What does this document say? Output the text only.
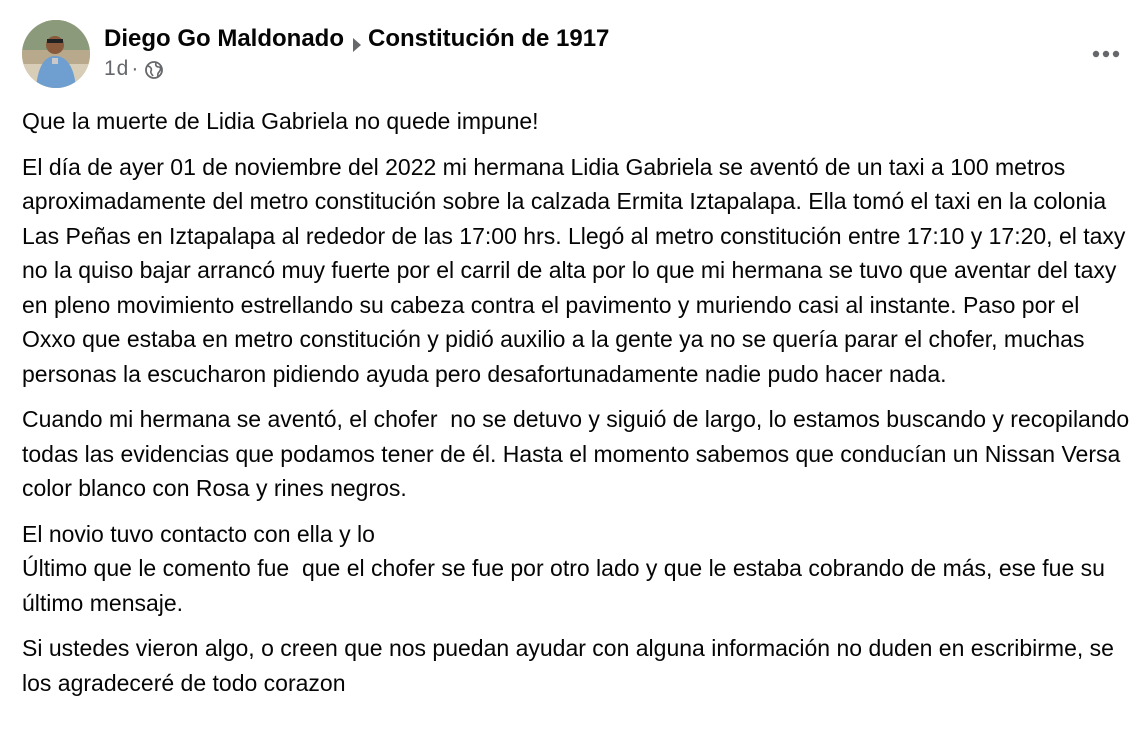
Diego Go Maldonado Constitución de 1917
1d ·

Que la muerte de Lidia Gabriela no quede impune!

El día de ayer 01 de noviembre del 2022 mi hermana Lidia Gabriela se aventó de un taxi a 100 metros aproximadamente del metro constitución sobre la calzada Ermita Iztapalapa. Ella tomó el taxi en la colonia Las Peñas en Iztapalapa al rededor de las 17:00 hrs. Llegó al metro constitución entre 17:10 y 17:20, el taxy no la quiso bajar arrancó muy fuerte por el carril de alta por lo que mi hermana se tuvo que aventar del taxy en pleno movimiento estrellando su cabeza contra el pavimento y muriendo casi al instante. Paso por el Oxxo que estaba en metro constitución y pidió auxilio a la gente ya no se quería parar el chofer, muchas personas la escucharon pidiendo ayuda pero desafortunadamente nadie pudo hacer nada.

Cuando mi hermana se aventó, el chofer  no se detuvo y siguió de largo, lo estamos buscando y recopilando todas las evidencias que podamos tener de él. Hasta el momento sabemos que conducían un Nissan Versa color blanco con Rosa y rines negros.

El novio tuvo contacto con ella y lo
Último que le comento fue  que el chofer se fue por otro lado y que le estaba cobrando de más, ese fue su último mensaje.

Si ustedes vieron algo, o creen que nos puedan ayudar con alguna información no duden en escribirme, se los agradeceré de todo corazon
